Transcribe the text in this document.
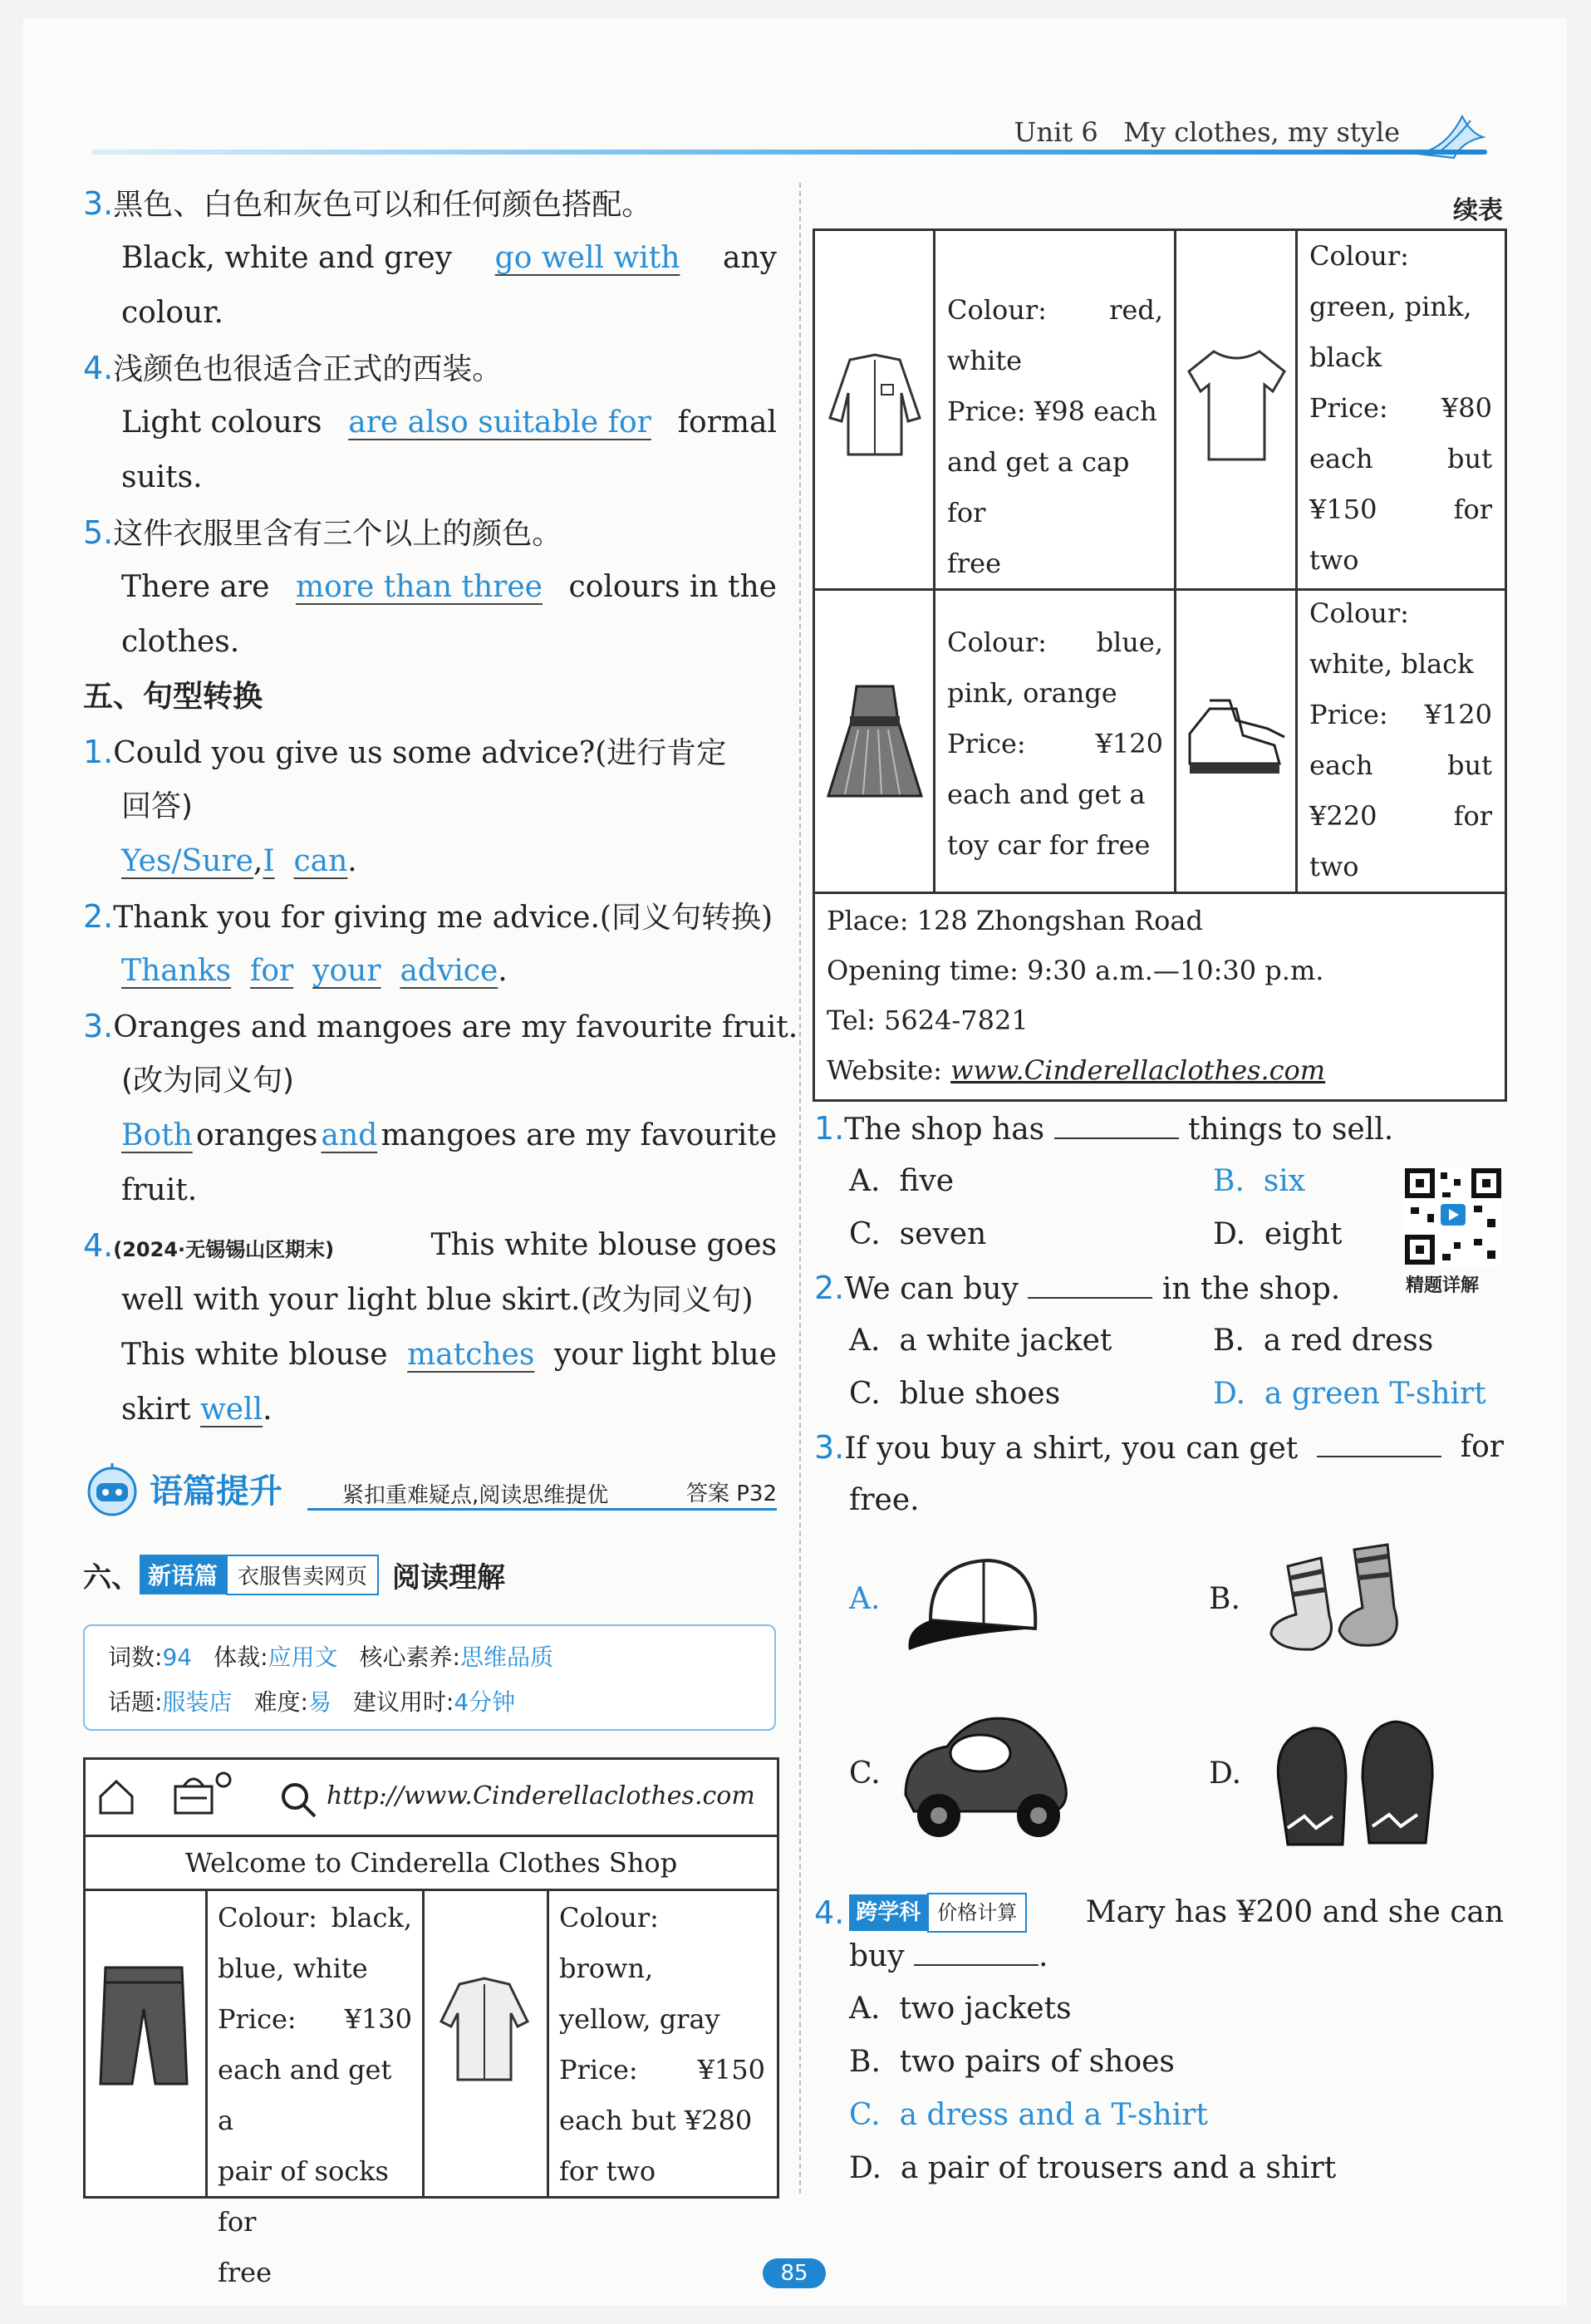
Unit 6 My clothes, my style
3.黑色、白色和灰色可以和任何颜色搭配。
Black, white and grey go well with any
colour.
4.浅颜色也很适合正式的西装。
Light colours are also suitable for formal
suits.
5.这件衣服里含有三个以上的颜色。
There are more than three colours in the
clothes.
五、句型转换
1.Could you give us some advice?(进行肯定
回答)
Yes/Sure,I can.
2.Thank you for giving me advice.(同义句转换)
Thanks for your advice.
3.Oranges and mangoes are my favourite fruit.
(改为同义句)
Both oranges and mangoes are my favourite
fruit.
4.(2024·无锡锡山区期末)	This white blouse goes
well with your light blue skirt.(改为同义句)
This white blouse matches your light blue
skirt well.
语篇提升	紧扣重难疑点,阅读思维提优	答案 P32
六、 新语篇 衣服售卖网页 阅读理解
词数:94 体裁:应用文 核心素养:思维品质
话题:服装店 难度:易 建议用时:4分钟
http://www.Cinderellaclothes.com
Welcome to Cinderella Clothes Shop
Colour: black,
blue, white
Price: ¥130
each and get a
pair of socks for
free
Colour:
brown,
yellow, gray
Price: ¥150
each but ¥280
for two
续表
Colour: red,
white
Price: ¥98 each
and get a cap for
free
Colour:
green, pink,
black
Price: ¥80
each	but
¥150	for
two
Colour: blue,
pink, orange
Price:	¥120
each and get a
toy car for free
Colour:
white, black
Price: ¥120
each	but
¥220	for
two
Place: 128 Zhongshan Road
Opening time: 9:30 a.m.—10:30 p.m.
Tel: 5624-7821
Website: www.Cinderellaclothes.com
1.The shop has	things to sell.
A. five	B. six
C. seven	D. eight
2.We can buy	in the shop.
A. a white jacket	B. a red dress
C. blue shoes	D. a green T-shirt
3.If you buy a shirt, you can get	for
free.
A.	B.
C.	D.
4. 跨学科 价格计算	Mary has ¥200 and she can
buy	.
A. two jackets
B. two pairs of shoes
C. a dress and a T-shirt
D. a pair of trousers and a shirt
精题详解
85
